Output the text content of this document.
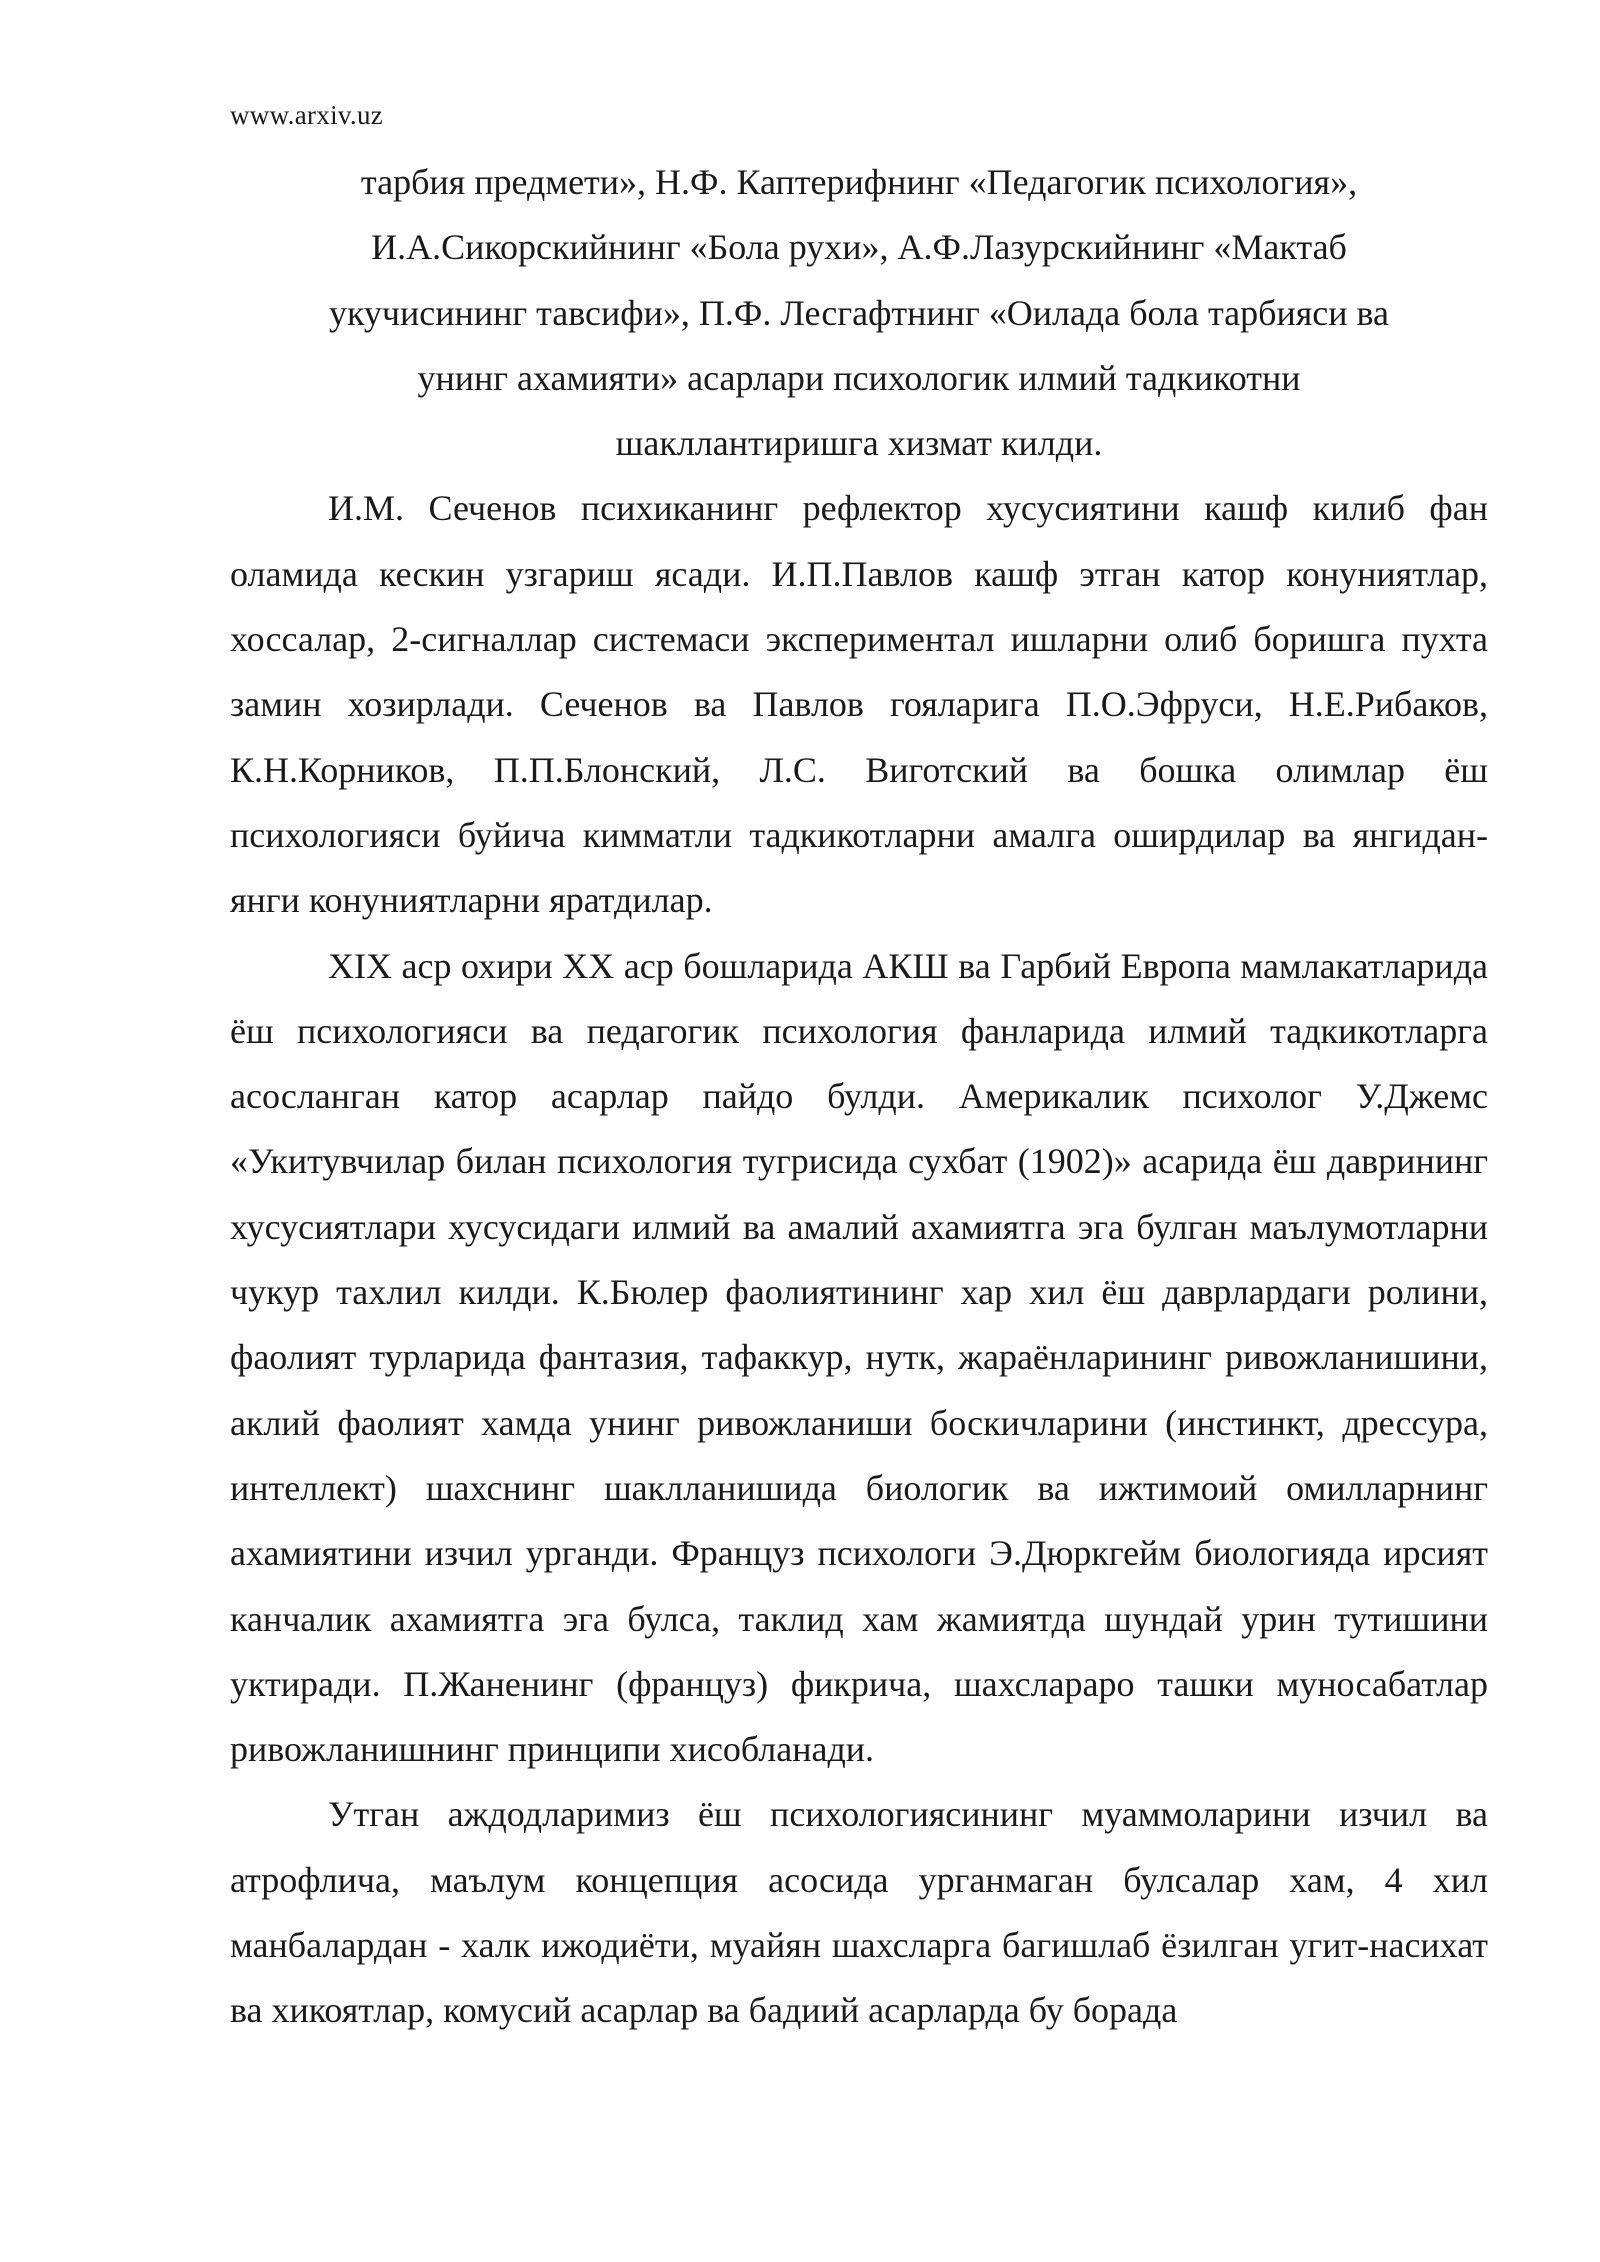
www.arxiv.uz
тарбия предмети», Н.Ф. Каптерифнинг «Педагогик психология»,
И.А.Сикорскийнинг «Бола рухи», А.Ф.Лазурскийнинг «Мактаб
укучисининг тавсифи», П.Ф. Лесгафтнинг «Оилада бола тарбияси ва
унинг ахамияти» асарлари психологик илмий тадкикотни
шакллантиришга хизмат килди.

И.М. Сеченов психиканинг рефлектор хусусиятини кашф килиб фан оламида кескин узгариш ясади. И.П.Павлов кашф этган катор конуниятлар, хоссалар, 2-сигналлар системаси экспериментал ишларни олиб боришга пухта замин хозирлади. Сеченов ва Павлов гояларига П.О.Эфруси, Н.Е.Рибаков, К.Н.Корников, П.П.Блонский, Л.С. Виготский ва бошка олимлар ёш психологияси буйича кимматли тадкикотларни амалга оширдилар ва янгидан-янги конуниятларни яратдилар.

XIX аср охири XX аср бошларида АКШ ва Гарбий Европа мамлакатларида ёш психологияси ва педагогик психология фанларида илмий тадкикотларга асосланган катор асарлар пайдо булди. Америкалик психолог У.Джемс «Укитувчилар билан психология тугрисида сухбат (1902)» асарида ёш даврининг хусусиятлари хусусидаги илмий ва амалий ахамиятга эга булган маълумотларни чукур тахлил килди. К.Бюлер фаолиятининг хар хил ёш даврлардаги ролини, фаолият турларида фантазия, тафаккур, нутк, жараёнларининг ривожланишини, аклий фаолият хамда унинг ривожланиши боскичларини (инстинкт, дрессура, интеллект) шахснинг шаклланишида биологик ва ижтимоий омилларнинг ахамиятини изчил урганди. Француз психологи Э.Дюркгейм биологияда ирсият канчалик ахамиятга эга булса, таклид хам жамиятда шундай урин тутишини уктиради. П.Жаненинг (француз) фикрича, шахслараро ташки муносабатлар ривожланишнинг принципи хисобланади.

Утган аждодларимиз ёш психологиясининг муаммоларини изчил ва атрофлича, маълум концепция асосида урганмаган булсалар хам, 4 хил манбалардан - халк ижодиёти, муайян шахсларга багишлаб ёзилган угит-насихат ва хикоятлар, комусий асарлар ва бадиий асарларда бу борада
